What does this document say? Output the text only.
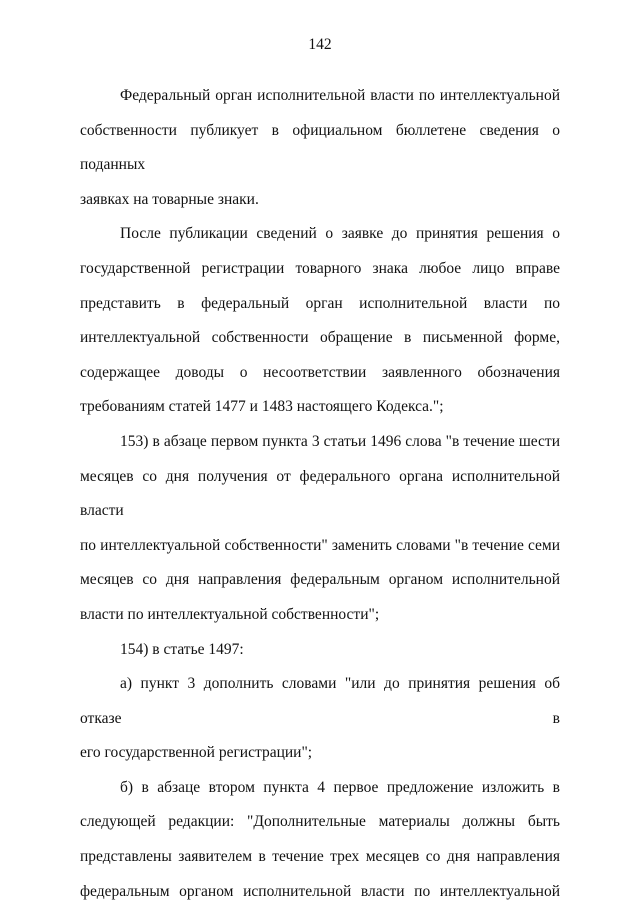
142

Федеральный орган исполнительной власти по интеллектуальной
собственности публикует в официальном бюллетене сведения о поданных
заявках на товарные знаки.

После публикации сведений о заявке до принятия решения о
государственной регистрации товарного знака любое лицо вправе
представить в федеральный орган исполнительной власти по
интеллектуальной собственности обращение в письменной форме,
содержащее доводы о несоответствии заявленного обозначения
требованиям статей 1477 и 1483 настоящего Кодекса.";

153) в абзаце первом пункта 3 статьи 1496 слова "в течение шести
месяцев со дня получения от федерального органа исполнительной власти
по интеллектуальной собственности" заменить словами "в течение семи
месяцев со дня направления федеральным органом исполнительной
власти по интеллектуальной собственности";

154) в статье 1497:

а) пункт 3 дополнить словами "или до принятия решения об отказе в
его государственной регистрации";

б) в абзаце втором пункта 4 первое предложение изложить в
следующей редакции: "Дополнительные материалы должны быть
представлены заявителем в течение трех месяцев со дня направления
федеральным органом исполнительной власти по интеллектуальной
